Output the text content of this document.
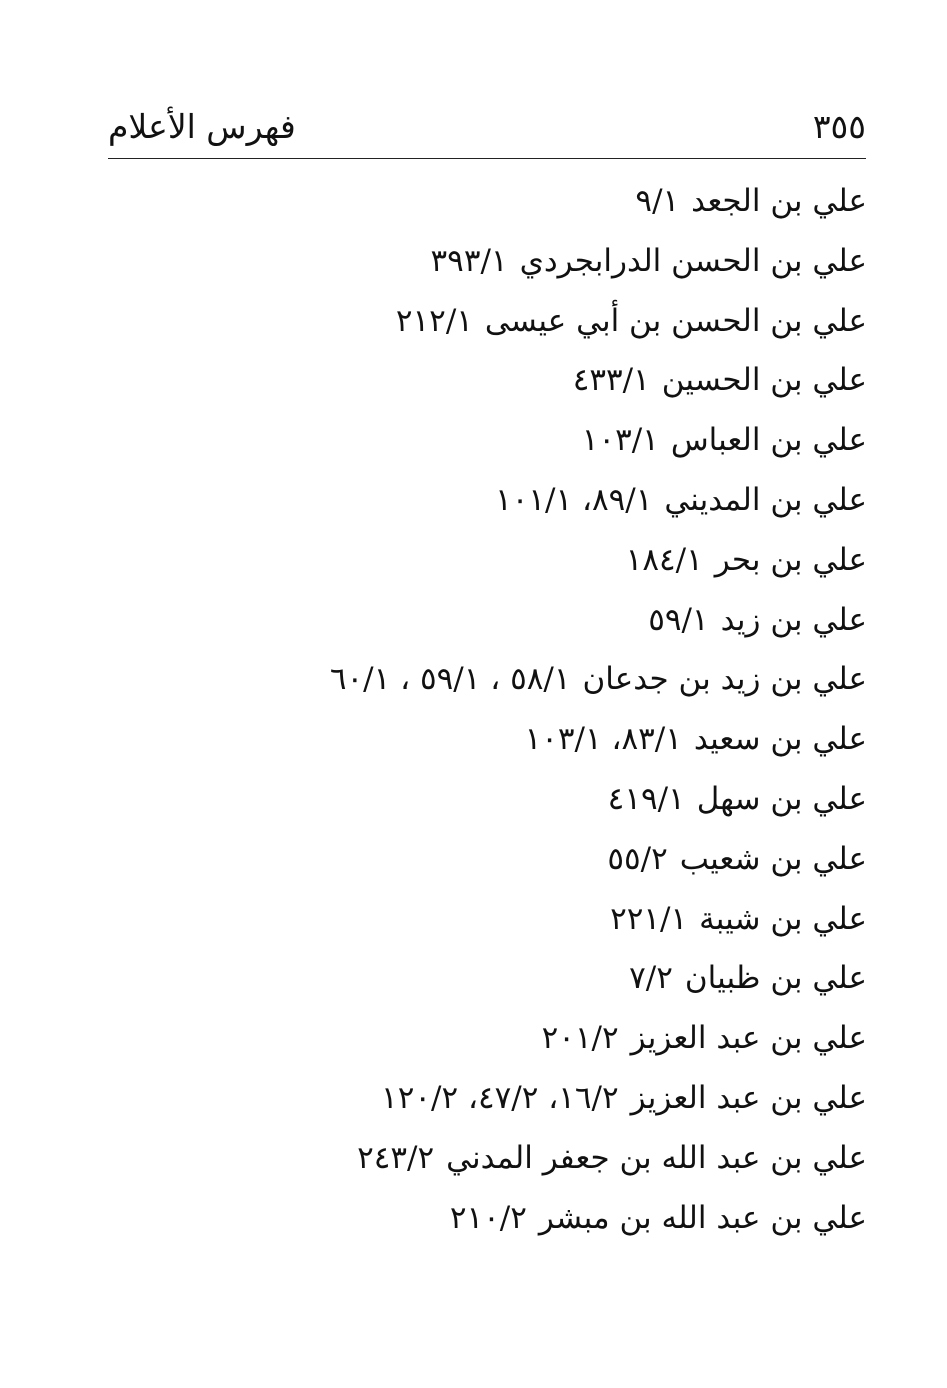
فهرس الأعلام	٣٥٥
علي بن الجعد٩/١
علي بن الحسن الدرابجردي٣٩٣/١
علي بن الحسن بن أبي عيسى٢١٢/١
علي بن الحسين٤٣٣/١
علي بن العباس١٠٣/١
علي بن المديني٨٩/١، ١٠١/١
علي بن بحر١٨٤/١
علي بن زيد٥٩/١
علي بن زيد بن جدعان٥٨/١ ، ٥٩/١ ، ٦٠/١
علي بن سعيد٨٣/١، ١٠٣/١
علي بن سهل٤١٩/١
علي بن شعيب٥٥/٢
علي بن شيبة٢٢١/١
علي بن ظبيان٧/٢
علي بن عبد العزيز٢٠١/٢
علي بن عبد العزيز١٦/٢، ٤٧/٢، ١٢٠/٢
علي بن عبد الله بن جعفر المدني٢٤٣/٢
علي بن عبد الله بن مبشر٢١٠/٢
